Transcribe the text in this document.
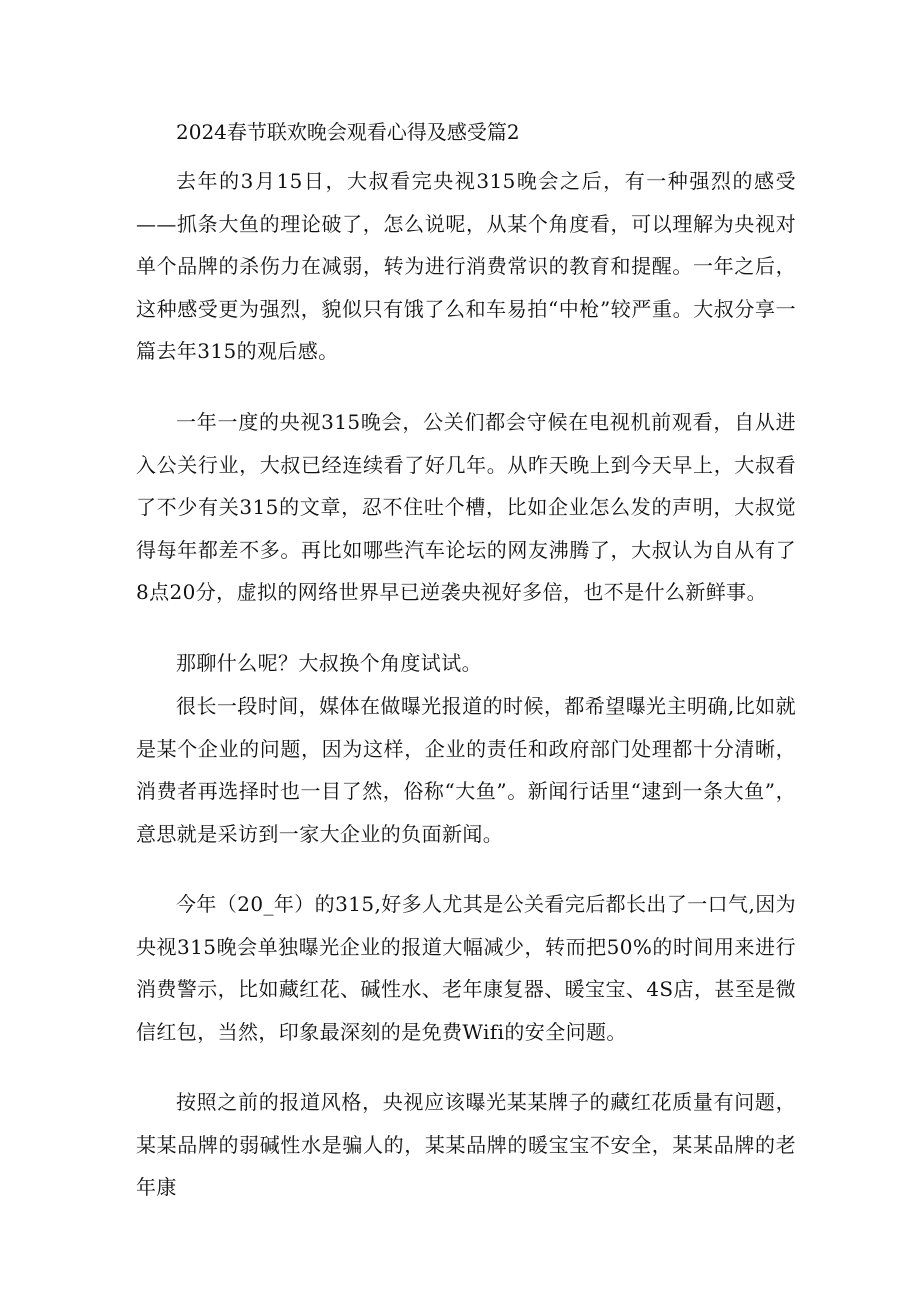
2024春节联欢晚会观看心得及感受篇2

去年的3月15日，大叔看完央视315晚会之后，有一种强烈的感受——抓条大鱼的理论破了，怎么说呢，从某个角度看，可以理解为央视对单个品牌的杀伤力在减弱，转为进行消费常识的教育和提醒。一年之后，这种感受更为强烈，貌似只有饿了么和车易拍“中枪”较严重。大叔分享一篇去年315的观后感。

一年一度的央视315晚会，公关们都会守候在电视机前观看，自从进入公关行业，大叔已经连续看了好几年。从昨天晚上到今天早上，大叔看了不少有关315的文章，忍不住吐个槽，比如企业怎么发的声明，大叔觉得每年都差不多。再比如哪些汽车论坛的网友沸腾了，大叔认为自从有了8点20分，虚拟的网络世界早已逆袭央视好多倍，也不是什么新鲜事。

那聊什么呢？大叔换个角度试试。

很长一段时间，媒体在做曝光报道的时候，都希望曝光主明确,比如就是某个企业的问题，因为这样，企业的责任和政府部门处理都十分清晰，消费者再选择时也一目了然，俗称“大鱼”。新闻行话里“逮到一条大鱼”，意思就是采访到一家大企业的负面新闻。

今年（20_年）的315,好多人尤其是公关看完后都长出了一口气,因为央视315晚会单独曝光企业的报道大幅减少，转而把50%的时间用来进行消费警示，比如藏红花、碱性水、老年康复器、暖宝宝、4S店，甚至是微信红包，当然，印象最深刻的是免费Wifi的安全问题。

按照之前的报道风格，央视应该曝光某某牌子的藏红花质量有问题，某某品牌的弱碱性水是骗人的，某某品牌的暖宝宝不安全，某某品牌的老年康
